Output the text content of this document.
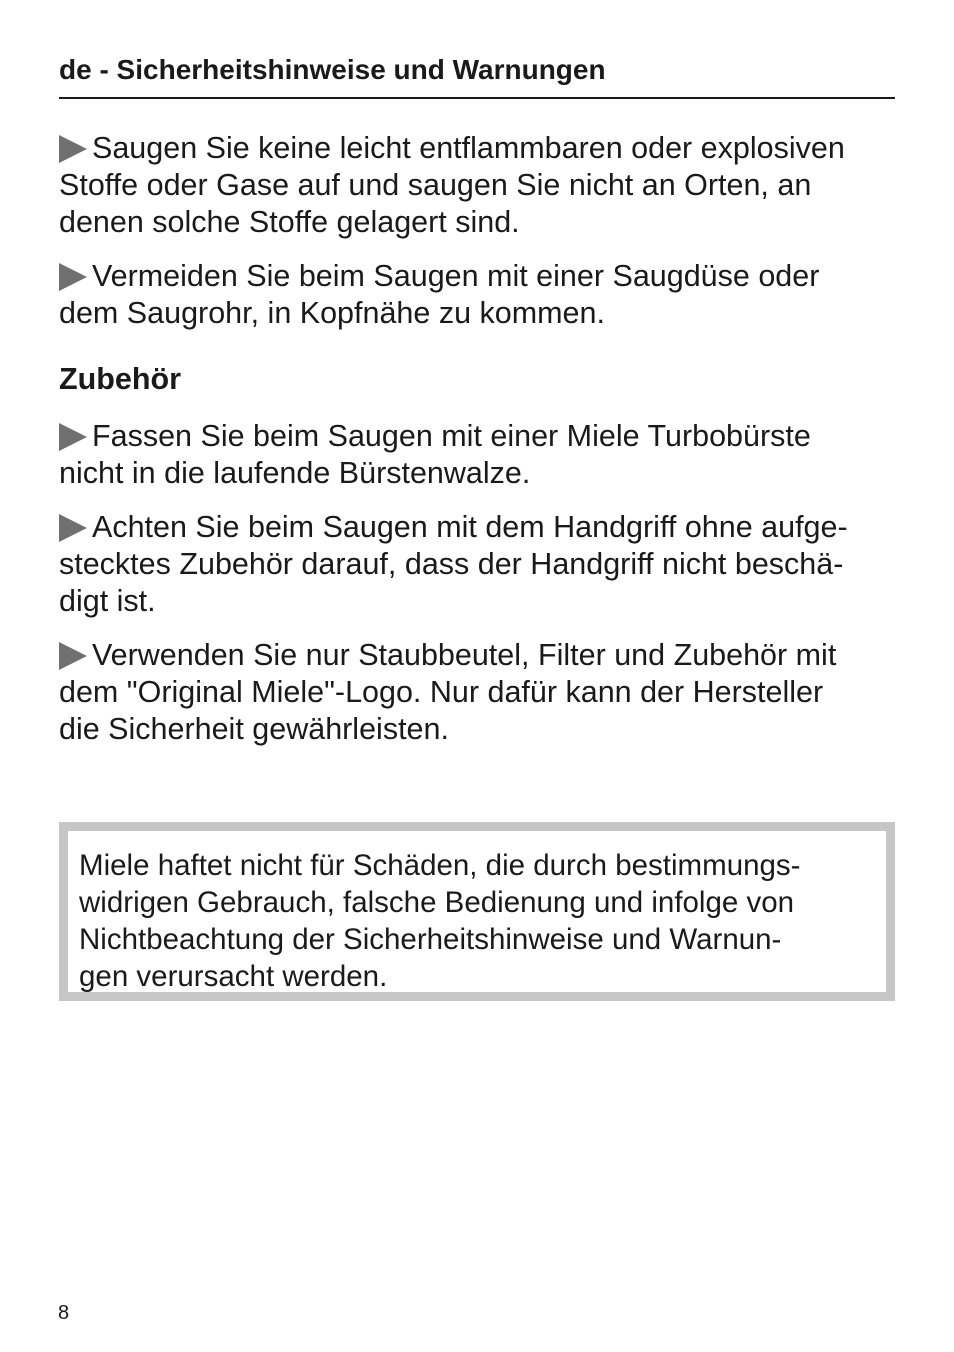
de - Sicherheitshinweise und Warnungen
Saugen Sie keine leicht entflammbaren oder explosiven
Stoffe oder Gase auf und saugen Sie nicht an Orten, an
denen solche Stoffe gelagert sind.
Vermeiden Sie beim Saugen mit einer Saugdüse oder
dem Saugrohr, in Kopfnähe zu kommen.
Zubehör
Fassen Sie beim Saugen mit einer Miele Turbobürste
nicht in die laufende Bürstenwalze.
Achten Sie beim Saugen mit dem Handgriff ohne aufge-
stecktes Zubehör darauf, dass der Handgriff nicht beschä-
digt ist.
Verwenden Sie nur Staubbeutel, Filter und Zubehör mit
dem "Original Miele"-Logo. Nur dafür kann der Hersteller
die Sicherheit gewährleisten.
Miele haftet nicht für Schäden, die durch bestimmungs-
widrigen Gebrauch, falsche Bedienung und infolge von
Nichtbeachtung der Sicherheitshinweise und Warnun-
gen verursacht werden.
8
